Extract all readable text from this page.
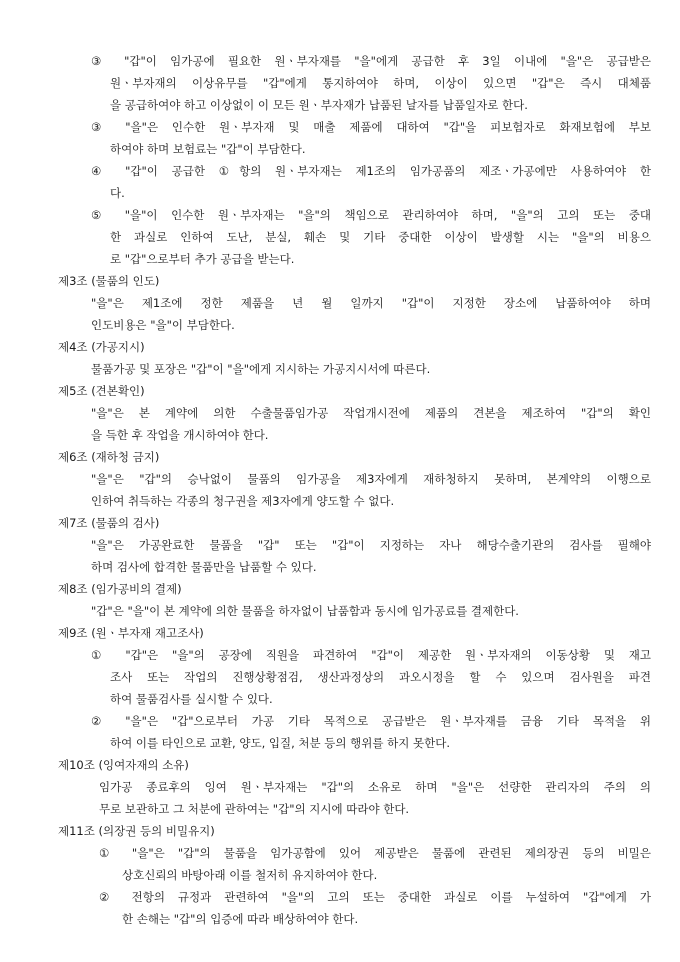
③ "갑"이 임가공에 필요한 원ㆍ부자재를 "을"에게 공급한 후 3일 이내에 "을"은 공급받은
원ㆍ부자재의 이상유무를 "갑"에게 통지하여야 하며, 이상이 있으면 "갑"은 즉시 대체품
을 공급하여야 하고 이상없이 이 모든 원ㆍ부자재가 납품된 날자를 납품일자로 한다.
③ "을"은 인수한 원ㆍ부자재 및 매출 제품에 대하여 "갑"을 피보험자로 화재보험에 부보
하여야 하며 보험료는 "갑"이 부담한다.
④ "갑"이 공급한 ①항의 원ㆍ부자재는 제1조의 임가공품의 제조ㆍ가공에만 사용하여야 한
다.
⑤ "을"이 인수한 원ㆍ부자재는 "을"의 책임으로 관리하여야 하며, "을"의 고의 또는 중대
한 과실로 인하여 도난, 분실, 훼손 및 기타 중대한 이상이 발생할 시는 "을"의 비용으
로 "갑"으로부터 추가 공급을 받는다.
제3조 (물품의 인도)
"을"은 제1조에 정한 제품을 년 월 일까지 "갑"이 지정한 장소에 납품하여야 하며
인도비용은 "을"이 부담한다.
제4조 (가공지시)
물품가공 및 포장은 "갑"이 "을"에게 지시하는 가공지시서에 따른다.
제5조 (견본확인)
"을"은 본 계약에 의한 수출물품임가공 작업개시전에 제품의 견본을 제조하여 "갑"의 확인
을 득한 후 작업을 개시하여야 한다.
제6조 (재하청 금지)
"을"은 "갑"의 승낙없이 물품의 임가공을 제3자에게 재하청하지 못하며, 본계약의 이행으로
인하여 취득하는 각종의 청구권을 제3자에게 양도할 수 없다.
제7조 (물품의 검사)
"을"은 가공완료한 물품을 "갑" 또는 "갑"이 지정하는 자나 해당수출기관의 검사를 필해야
하며 검사에 합격한 물품만을 납품할 수 있다.
제8조 (임가공비의 결제)
"갑"은 "을"이 본 계약에 의한 물품을 하자없이 납품함과 동시에 임가공료를 결제한다.
제9조 (원ㆍ부자재 재고조사)
① "갑"은 "을"의 공장에 직원을 파견하여 "갑"이 제공한 원ㆍ부자재의 이동상황 및 재고
조사 또는 작업의 진행상황점검, 생산과정상의 과오시정을 할 수 있으며 검사원을 파견
하여 물품검사를 실시할 수 있다.
② "을"은 "갑"으로부터 가공 기타 목적으로 공급받은 원ㆍ부자재를 금융 기타 목적을 위
하여 이를 타인으로 교환, 양도, 입질, 처분 등의 행위를 하지 못한다.
제10조 (잉여자재의 소유)
임가공 종료후의 잉여 원ㆍ부자재는 "갑"의 소유로 하며 "을"은 선량한 관리자의 주의 의
무로 보관하고 그 처분에 관하여는 "갑"의 지시에 따라야 한다.
제11조 (의장권 등의 비밀유지)
① "을"은 "갑"의 물품을 임가공함에 있어 제공받은 물품에 관련된 제의장권 등의 비밀은
상호신뢰의 바탕아래 이를 철저히 유지하여야 한다.
② 전항의 규정과 관련하여 "을"의 고의 또는 중대한 과실로 이를 누설하여 "갑"에게 가
한 손해는 "갑"의 입증에 따라 배상하여야 한다.
